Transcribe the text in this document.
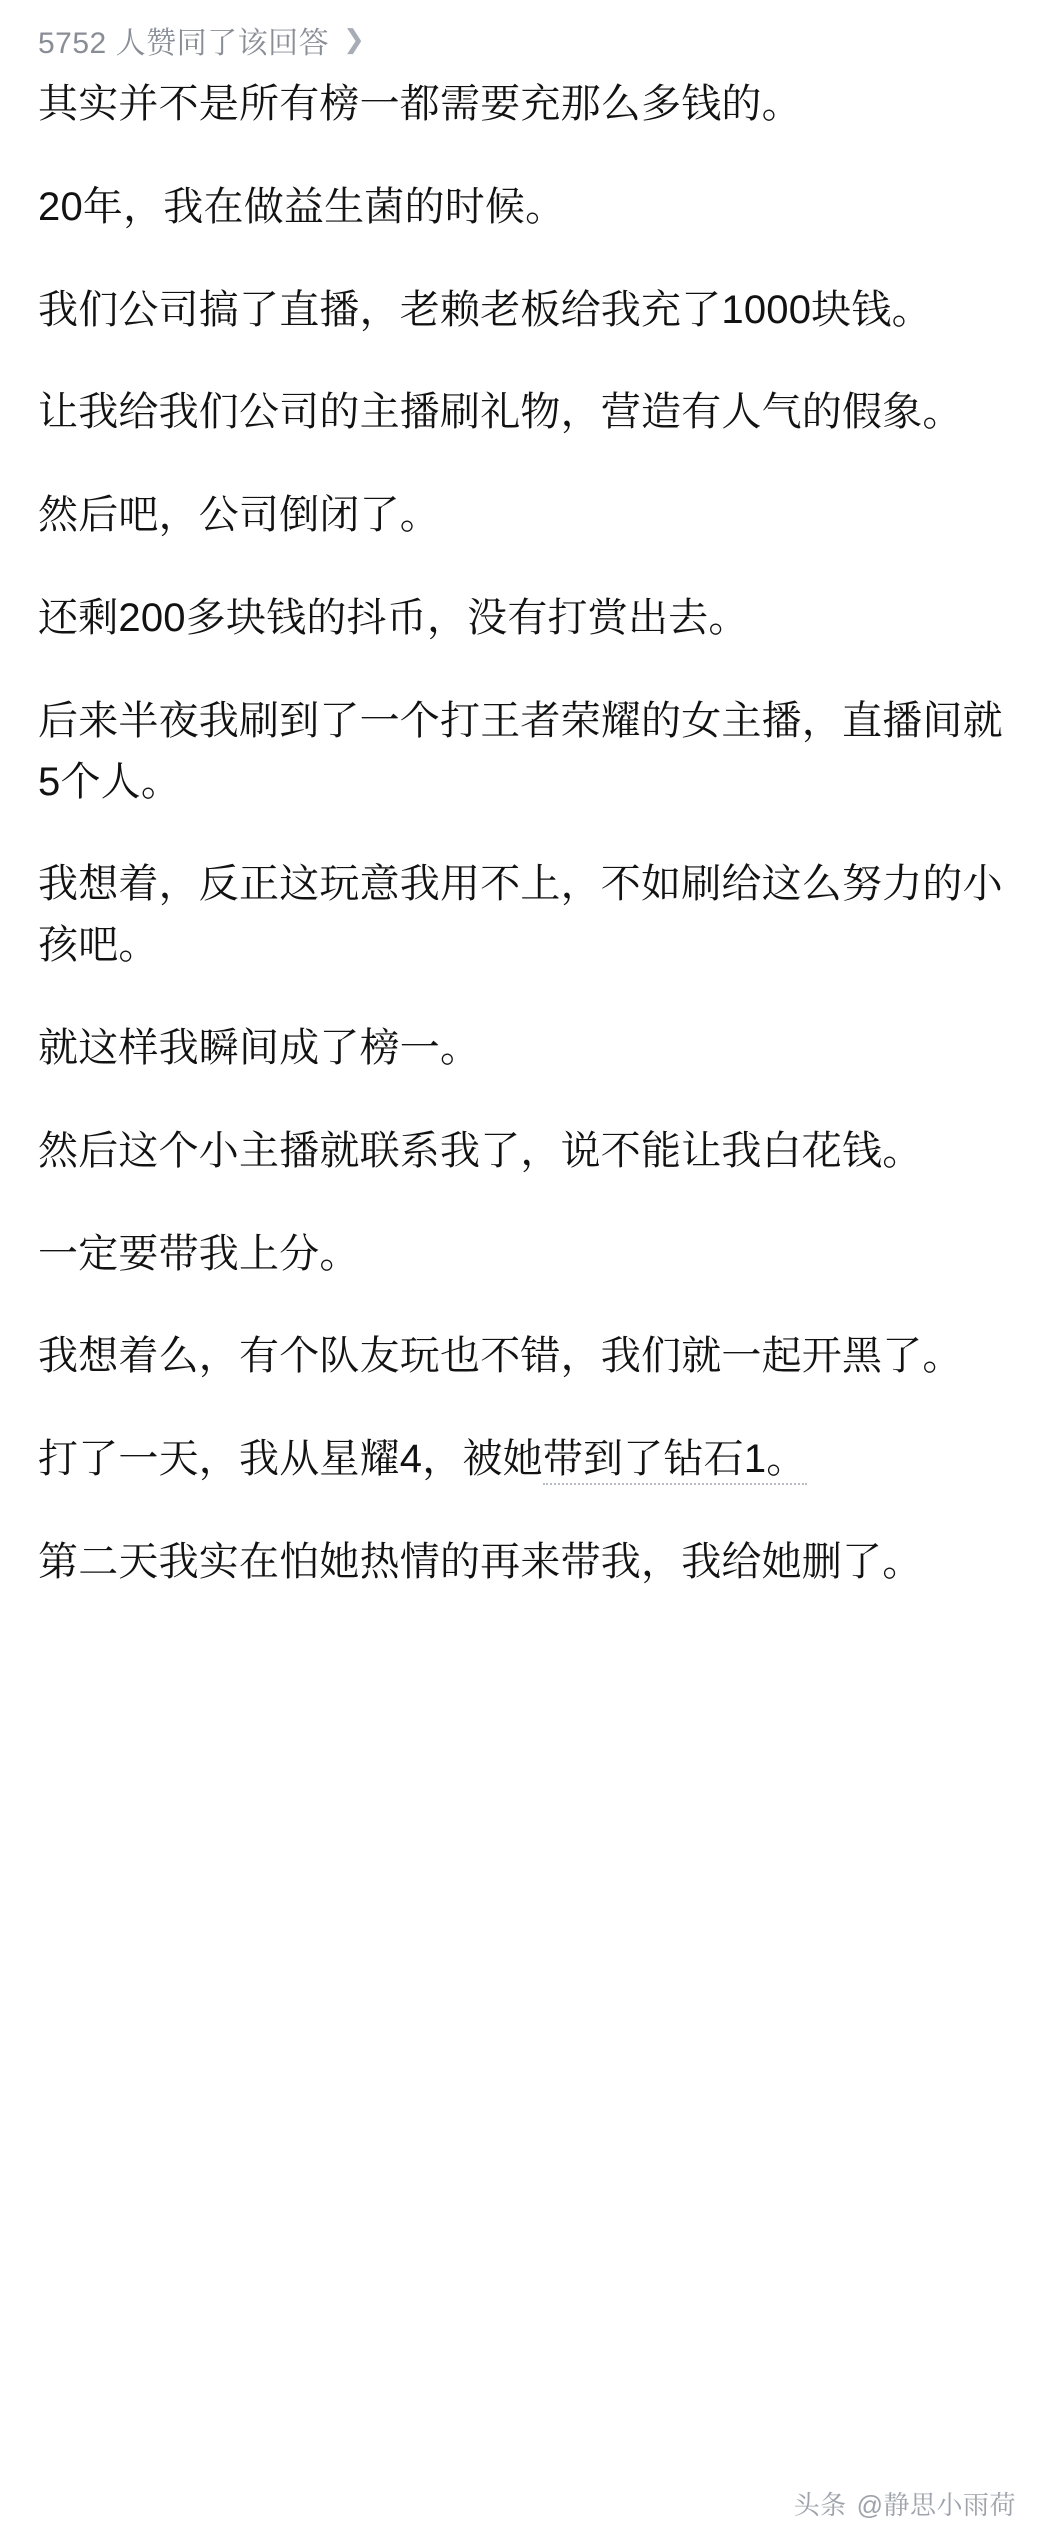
5752 人赞同了该回答 ❯

其实并不是所有榜一都需要充那么多钱的。

20年，我在做益生菌的时候。

我们公司搞了直播，老赖老板给我充了1000块钱。

让我给我们公司的主播刷礼物，营造有人气的假象。

然后吧，公司倒闭了。

还剩200多块钱的抖币，没有打赏出去。

后来半夜我刷到了一个打王者荣耀的女主播，直播间就5个人。

我想着，反正这玩意我用不上，不如刷给这么努力的小孩吧。

就这样我瞬间成了榜一。

然后这个小主播就联系我了，说不能让我白花钱。

一定要带我上分。

我想着么，有个队友玩也不错，我们就一起开黑了。

打了一天，我从星耀4，被她带到了钻石1。

第二天我实在怕她热情的再来带我，我给她删了。

头条 @静思小雨荷
